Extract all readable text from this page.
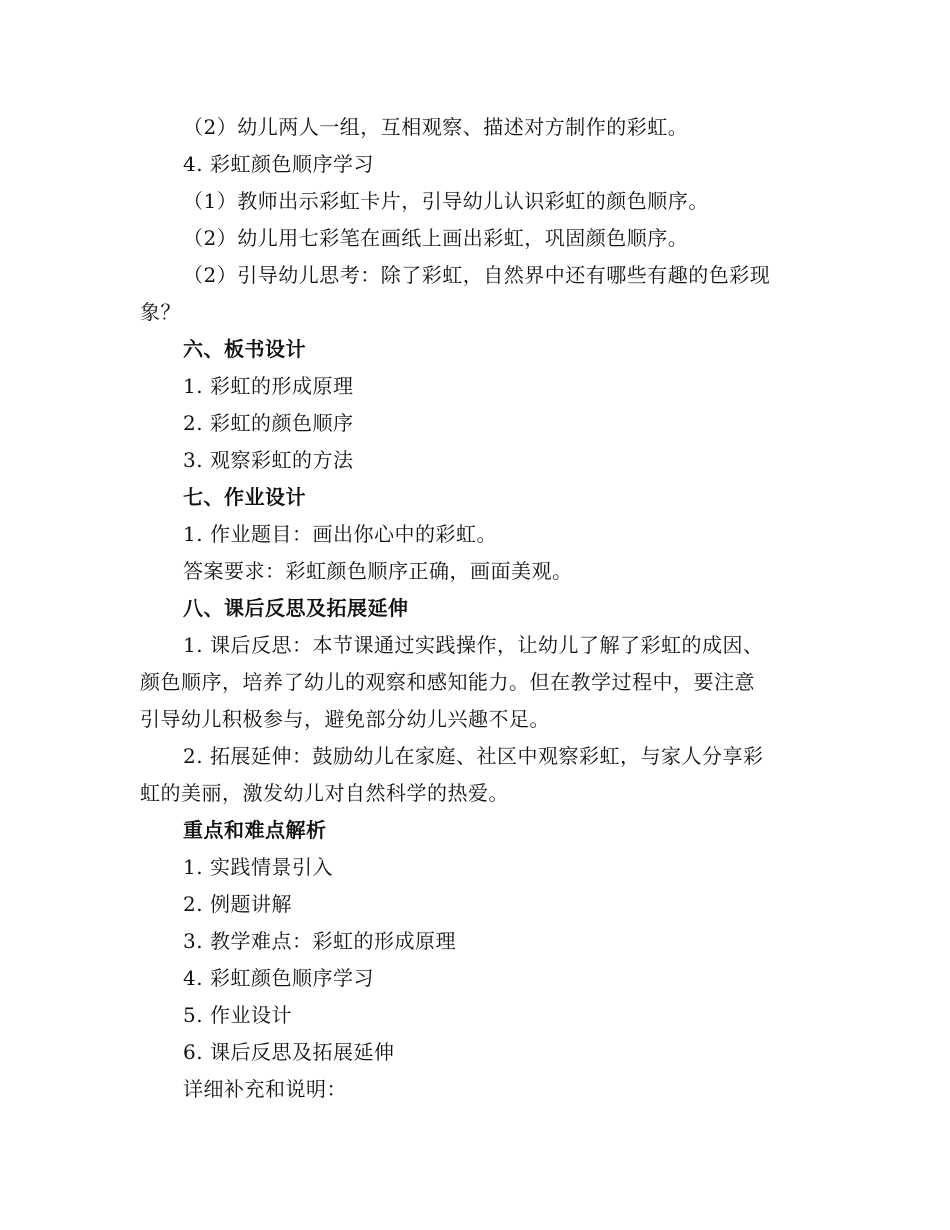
（2）幼儿两人一组，互相观察、描述对方制作的彩虹。
4. 彩虹颜色顺序学习
（1）教师出示彩虹卡片，引导幼儿认识彩虹的颜色顺序。
（2）幼儿用七彩笔在画纸上画出彩虹，巩固颜色顺序。
（2）引导幼儿思考：除了彩虹，自然界中还有哪些有趣的色彩现
象？
六、板书设计
1. 彩虹的形成原理
2. 彩虹的颜色顺序
3. 观察彩虹的方法
七、作业设计
1. 作业题目：画出你心中的彩虹。
答案要求：彩虹颜色顺序正确，画面美观。
八、课后反思及拓展延伸
1. 课后反思：本节课通过实践操作，让幼儿了解了彩虹的成因、
颜色顺序，培养了幼儿的观察和感知能力。但在教学过程中，要注意
引导幼儿积极参与，避免部分幼儿兴趣不足。
2. 拓展延伸：鼓励幼儿在家庭、社区中观察彩虹，与家人分享彩
虹的美丽，激发幼儿对自然科学的热爱。
重点和难点解析
1. 实践情景引入
2. 例题讲解
3. 教学难点：彩虹的形成原理
4. 彩虹颜色顺序学习
5. 作业设计
6. 课后反思及拓展延伸
详细补充和说明：
